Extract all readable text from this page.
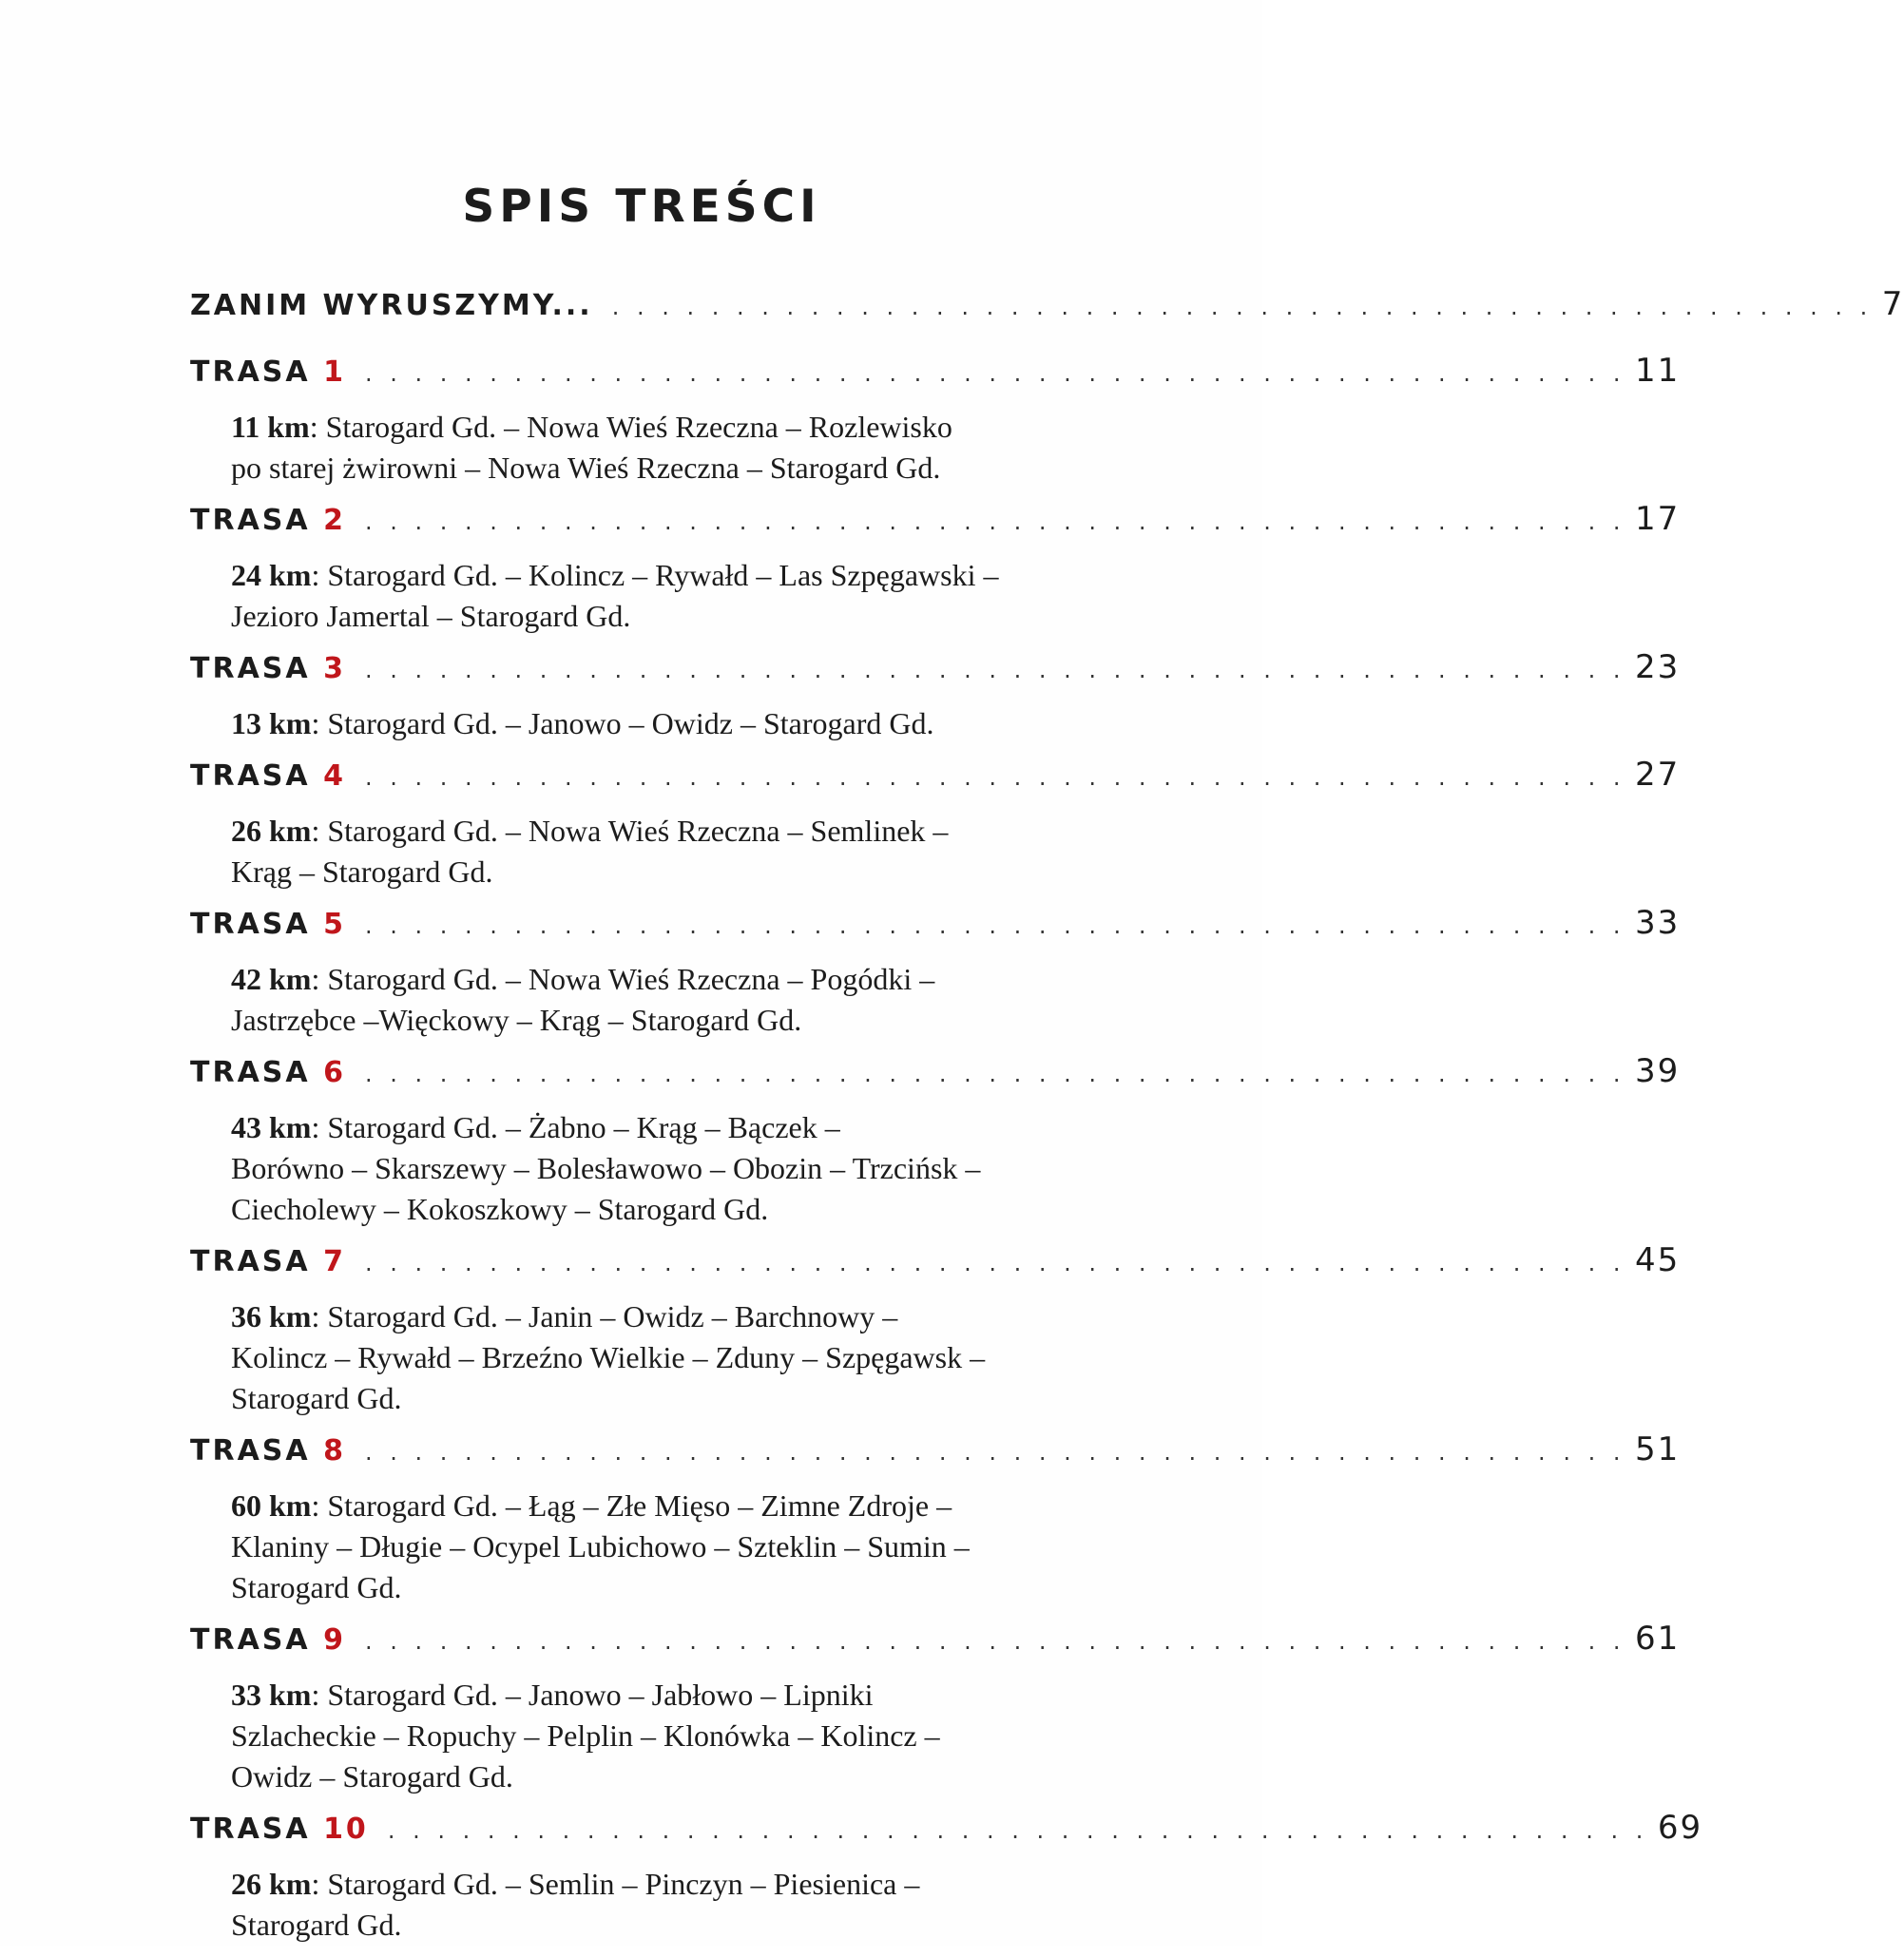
SPIS TREŚCI
ZANIM WYRUSZYMY... . . . . . . . . . . . . . . . . . . . . . . . . . . . . . . . . . . . . . . . . . . . . . . . . . . . 7
TRASA 1 . . . . . . . . . . . . . . . . . . . . . . . . . . . . . . . . . . . . . . . . . . . . . . . . . . . 11
11 km: Starogard Gd. – Nowa Wieś Rzeczna – Rozlewisko
po starej żwirowni – Nowa Wieś Rzeczna – Starogard Gd.
TRASA 2 . . . . . . . . . . . . . . . . . . . . . . . . . . . . . . . . . . . . . . . . . . . . . . . . . . . 17
24 km: Starogard Gd. – Kolincz – Rywałd – Las Szpęgawski –
Jezioro Jamertal – Starogard Gd.
TRASA 3 . . . . . . . . . . . . . . . . . . . . . . . . . . . . . . . . . . . . . . . . . . . . . . . . . . . 23
13 km: Starogard Gd. – Janowo – Owidz – Starogard Gd.
TRASA 4 . . . . . . . . . . . . . . . . . . . . . . . . . . . . . . . . . . . . . . . . . . . . . . . . . . . 27
26 km: Starogard Gd. – Nowa Wieś Rzeczna – Semlinek –
Krąg – Starogard Gd.
TRASA 5 . . . . . . . . . . . . . . . . . . . . . . . . . . . . . . . . . . . . . . . . . . . . . . . . . . . 33
42 km: Starogard Gd. – Nowa Wieś Rzeczna – Pogódki –
Jastrzębce –Więckowy – Krąg – Starogard Gd.
TRASA 6 . . . . . . . . . . . . . . . . . . . . . . . . . . . . . . . . . . . . . . . . . . . . . . . . . . . 39
43 km: Starogard Gd. – Żabno – Krąg – Bączek –
Borówno – Skarszewy – Bolesławowo – Obozin – Trzcińsk –
Ciecholewy – Kokoszkowy – Starogard Gd.
TRASA 7 . . . . . . . . . . . . . . . . . . . . . . . . . . . . . . . . . . . . . . . . . . . . . . . . . . . 45
36 km: Starogard Gd. – Janin – Owidz – Barchnowy –
Kolincz – Rywałd – Brzeźno Wielkie – Zduny – Szpęgawsk –
Starogard Gd.
TRASA 8 . . . . . . . . . . . . . . . . . . . . . . . . . . . . . . . . . . . . . . . . . . . . . . . . . . . 51
60 km: Starogard Gd. – Łąg – Złe Mięso – Zimne Zdroje –
Klaniny – Długie – Ocypel Lubichowo – Szteklin – Sumin –
Starogard Gd.
TRASA 9 . . . . . . . . . . . . . . . . . . . . . . . . . . . . . . . . . . . . . . . . . . . . . . . . . . . 61
33 km: Starogard Gd. – Janowo – Jabłowo – Lipniki
Szlacheckie – Ropuchy – Pelplin – Klonówka – Kolincz –
Owidz – Starogard Gd.
TRASA 10 . . . . . . . . . . . . . . . . . . . . . . . . . . . . . . . . . . . . . . . . . . . . . . . . . . . 69
26 km: Starogard Gd. – Semlin – Pinczyn – Piesienica –
Starogard Gd.
